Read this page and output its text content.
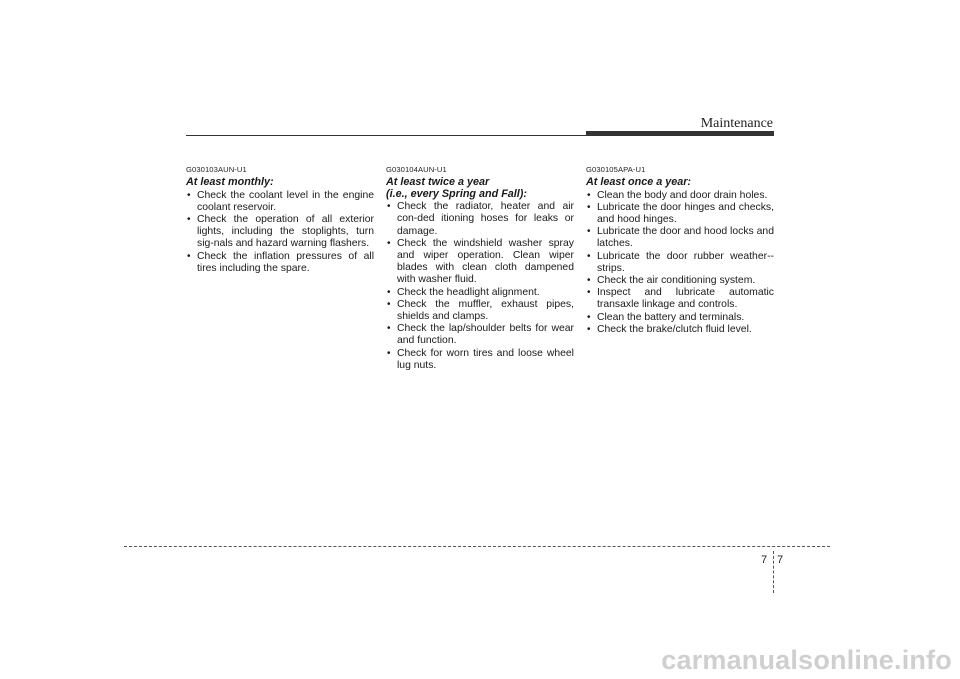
Maintenance
G030103AUN-U1
At least monthly:
• Check the coolant level in the engine coolant reservoir.
• Check the operation of all exterior lights, including the stoplights, turn sig-nals and hazard warning flashers.
• Check the inflation pressures of all tires including the spare.
G030104AUN-U1
At least twice a year
(i.e., every Spring and Fall):
• Check the radiator, heater and air con-ded itioning hoses for leaks or damage.
• Check the windshield washer spray and wiper operation. Clean wiper blades with clean cloth dampened with washer fluid.
• Check the headlight alignment.
• Check the muffler, exhaust pipes, shields and clamps.
• Check the lap/shoulder belts for wear and function.
• Check for worn tires and loose wheel lug nuts.
G030105APA-U1
At least once a year:
• Clean the body and door drain holes.
• Lubricate the door hinges and checks, and hood hinges.
• Lubricate the door and hood locks and latches.
• Lubricate the door rubber weather-strips.
• Check the air conditioning system.
• Inspect and lubricate automatic transaxle linkage and controls.
• Clean the battery and terminals.
• Check the brake/clutch fluid level.
7 7
carmanualsonline.info
